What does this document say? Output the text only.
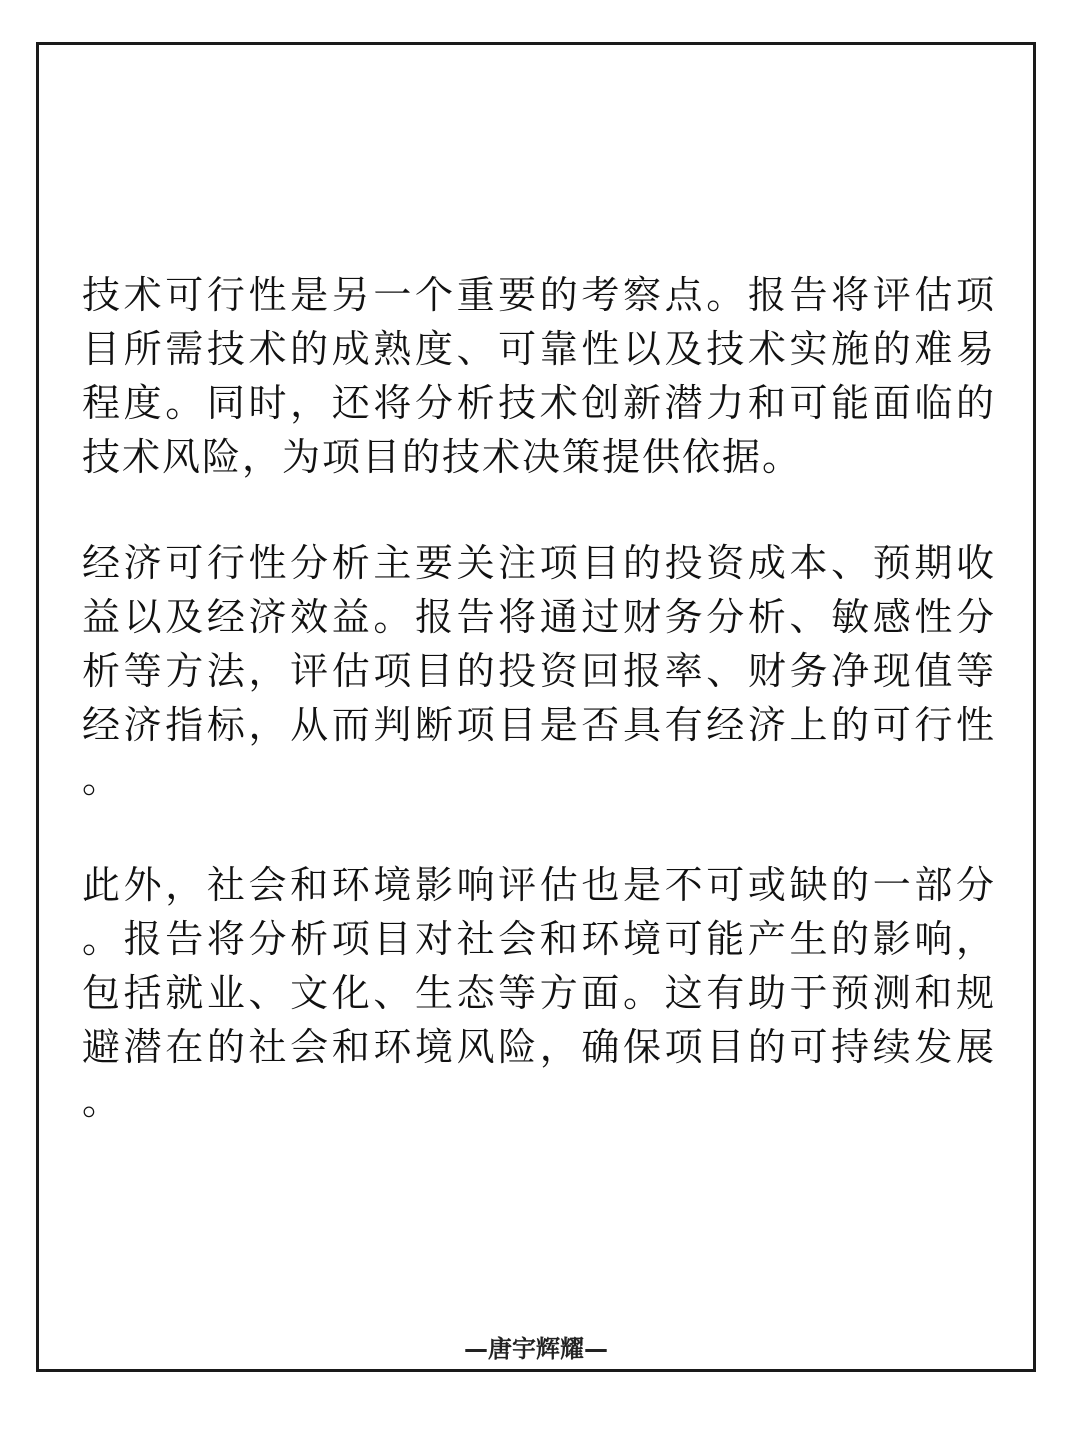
技术可行性是另一个重要的考察点。报告将评估项目所需技术的成熟度、可靠性以及技术实施的难易程度。同时，还将分析技术创新潜力和可能面临的技术风险，为项目的技术决策提供依据。

经济可行性分析主要关注项目的投资成本、预期收益以及经济效益。报告将通过财务分析、敏感性分析等方法，评估项目的投资回报率、财务净现值等经济指标，从而判断项目是否具有经济上的可行性。

此外，社会和环境影响评估也是不可或缺的一部分。报告将分析项目对社会和环境可能产生的影响，包括就业、文化、生态等方面。这有助于预测和规避潜在的社会和环境风险，确保项目的可持续发展。

—唐宇辉耀—
